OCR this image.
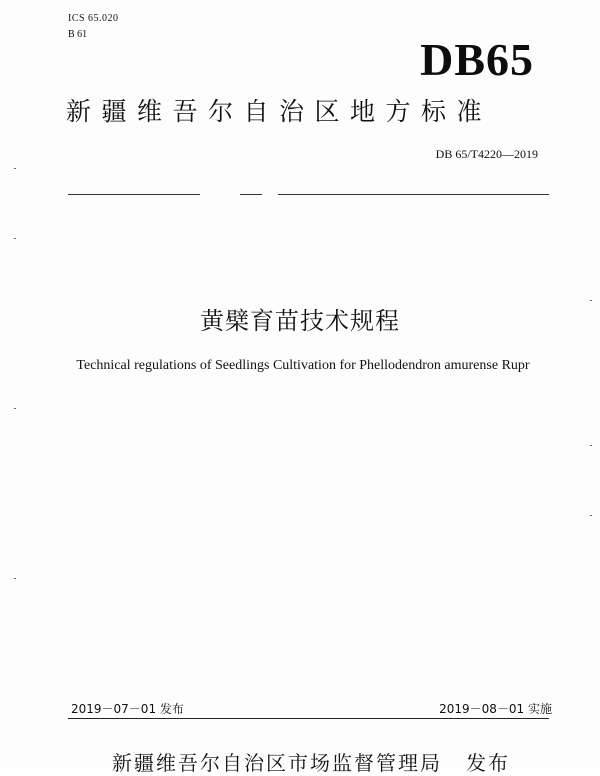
ICS 65.020
B 61	DB65
新疆维吾尔自治区地方标准
DB 65/T4220—2019
黄檗育苗技术规程
Technical regulations of Seedlings Cultivation for Phellodendron amurense Rupr
2019－07－01 发布	2019－08－01 实施
新疆维吾尔自治区市场监督管理局 发布
